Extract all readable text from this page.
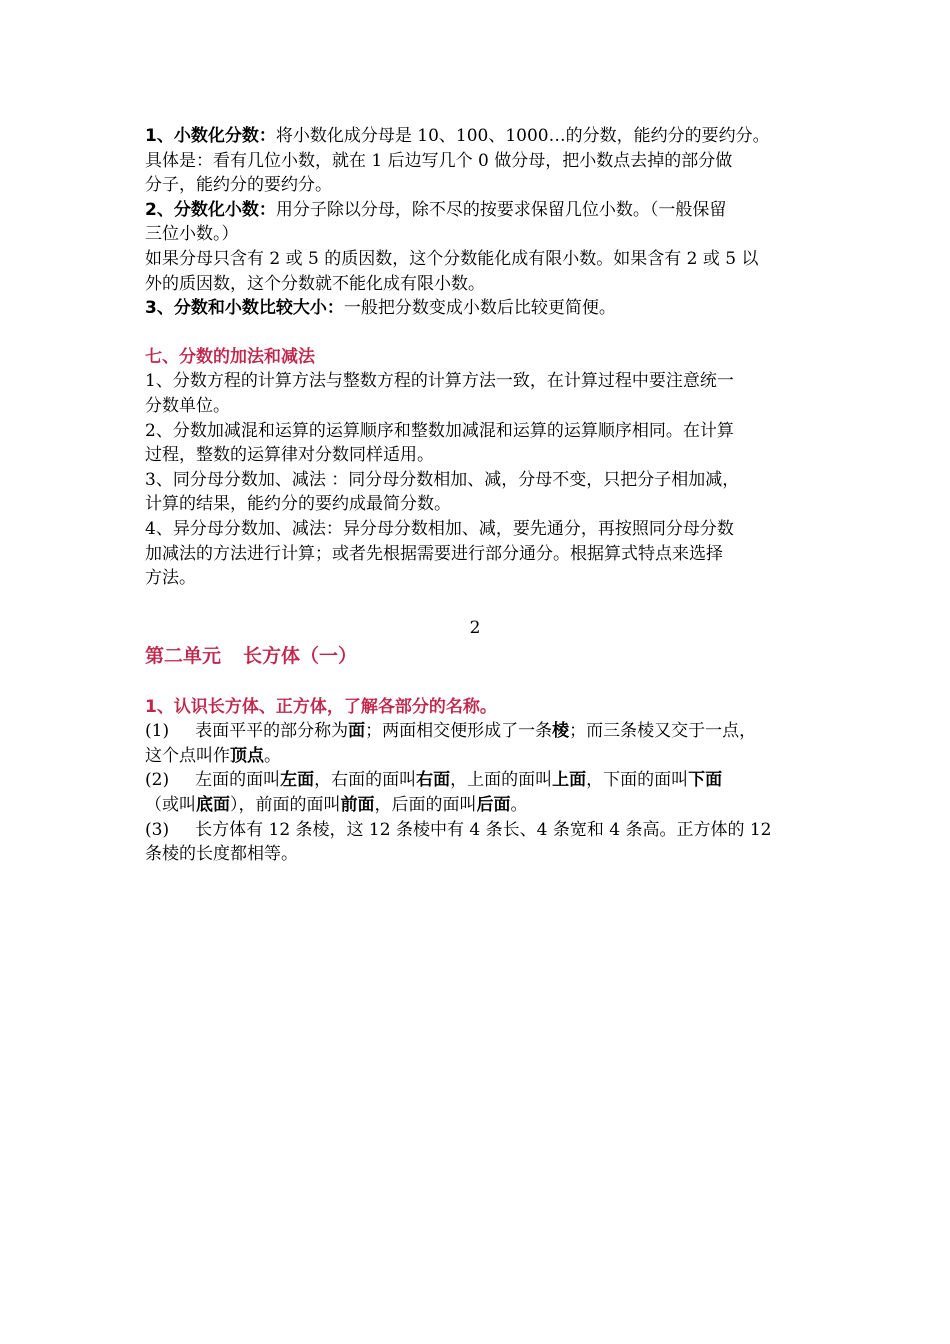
1、小数化分数：将小数化成分母是 10、100、1000…的分数，能约分的要约分。
具体是：看有几位小数，就在 1 后边写几个 0 做分母，把小数点去掉的部分做
分子，能约分的要约分。
2、分数化小数：用分子除以分母，除不尽的按要求保留几位小数。（一般保留
三位小数。）
如果分母只含有 2 或 5 的质因数，这个分数能化成有限小数。如果含有 2 或 5 以
外的质因数，这个分数就不能化成有限小数。
3、分数和小数比较大小：一般把分数变成小数后比较更简便。
七、分数的加法和减法
1、分数方程的计算方法与整数方程的计算方法一致，在计算过程中要注意统一
分数单位。
2、分数加减混和运算的运算顺序和整数加减混和运算的运算顺序相同。在计算
过程，整数的运算律对分数同样适用。
3、同分母分数加、减法 ：同分母分数相加、减，分母不变，只把分子相加减，
计算的结果，能约分的要约成最简分数。
4、异分母分数加、减法：异分母分数相加、减，要先通分，再按照同分母分数
加减法的方法进行计算；或者先根据需要进行部分通分。根据算式特点来选择
方法。
2
第二单元 长方体（一）
1、认识长方体、正方体，了解各部分的名称。
(1) 表面平平的部分称为面；两面相交便形成了一条棱；而三条棱又交于一点，
这个点叫作顶点。
(2) 左面的面叫左面，右面的面叫右面，上面的面叫上面，下面的面叫下面
（或叫底面），前面的面叫前面，后面的面叫后面。
(3) 长方体有 12 条棱，这 12 条棱中有 4 条长、4 条宽和 4 条高。正方体的 12
条棱的长度都相等。
